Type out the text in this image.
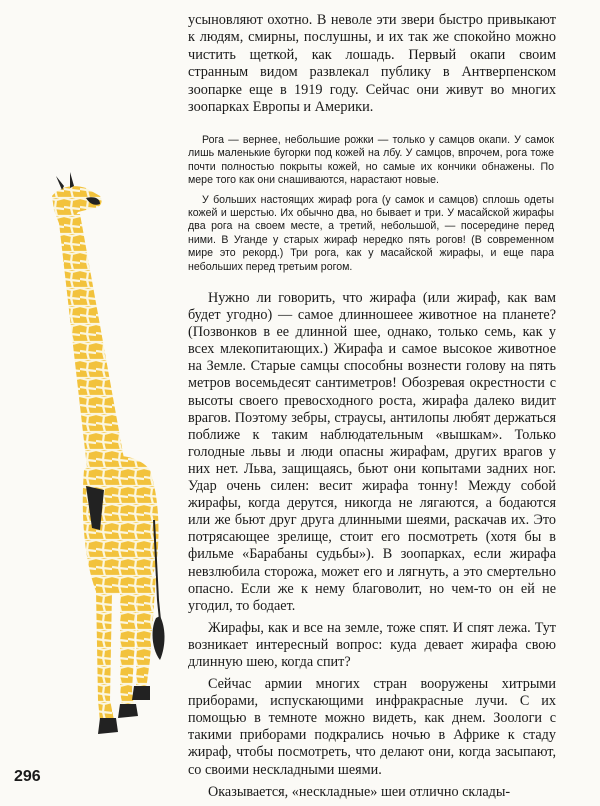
усыновляют охотно. В неволе эти звери быстро привыкают к людям, смирны, послушны, и их так же спокойно можно чистить щеткой, как лошадь. Первый окапи своим странным видом развлекал публику в Антверпенском зоопарке еще в 1919 году. Сейчас они живут во многих зоопарках Европы и Америки.

Рога — вернее, небольшие рожки — только у самцов окапи. У самок лишь маленькие бугорки под кожей на лбу. У самцов, впрочем, рога тоже почти полностью покрыты кожей, но самые их кончики обнажены. По мере того как они снашиваются, нарастают новые.

У больших настоящих жираф рога (у самок и самцов) сплошь одеты кожей и шерстью. Их обычно два, но бывает и три. У масайской жирафы два рога на своем месте, а третий, небольшой, — посередине перед ними. В Уганде у старых жираф нередко пять рогов! (В современном мире это рекорд.) Три рога, как у масайской жирафы, и еще пара небольших перед третьим рогом.

Нужно ли говорить, что жирафа (или жираф, как вам будет угодно) — самое длинношеее животное на планете? (Позвонков в ее длинной шее, однако, только семь, как у всех млекопитающих.) Жирафа и самое высокое животное на Земле. Старые самцы способны вознести голову на пять метров восемьдесят сантиметров! Обозревая окрестности с высоты своего превосходного роста, жирафа далеко видит врагов. Поэтому зебры, страусы, антилопы любят держаться поближе к таким наблюдательным «вышкам». Только голодные львы и люди опасны жирафам, других врагов у них нет. Льва, защищаясь, бьют они копытами задних ног. Удар очень силен: весит жирафа тонну! Между собой жирафы, когда дерутся, никогда не лягаются, а бодаются или же бьют друг друга длинными шеями, раскачав их. Это потрясающее зрелище, стоит его посмотреть (хотя бы в фильме «Барабаны судьбы»). В зоопарках, если жирафа невзлюбила сторожа, может его и лягнуть, а это смертельно опасно. Если же к нему благоволит, но чем-то он ей не угодил, то бодает.

Жирафы, как и все на земле, тоже спят. И спят лежа. Тут возникает интересный вопрос: куда девает жирафа свою длинную шею, когда спит?

Сейчас армии многих стран вооружены хитрыми приборами, испускающими инфракрасные лучи. С их помощью в темноте можно видеть, как днем. Зоологи с такими приборами подкрались ночью в Африке к стаду жираф, чтобы посмотреть, что делают они, когда засыпают, со своими нескладными шеями.

Оказывается, «нескладные» шеи отлично склады-

296
